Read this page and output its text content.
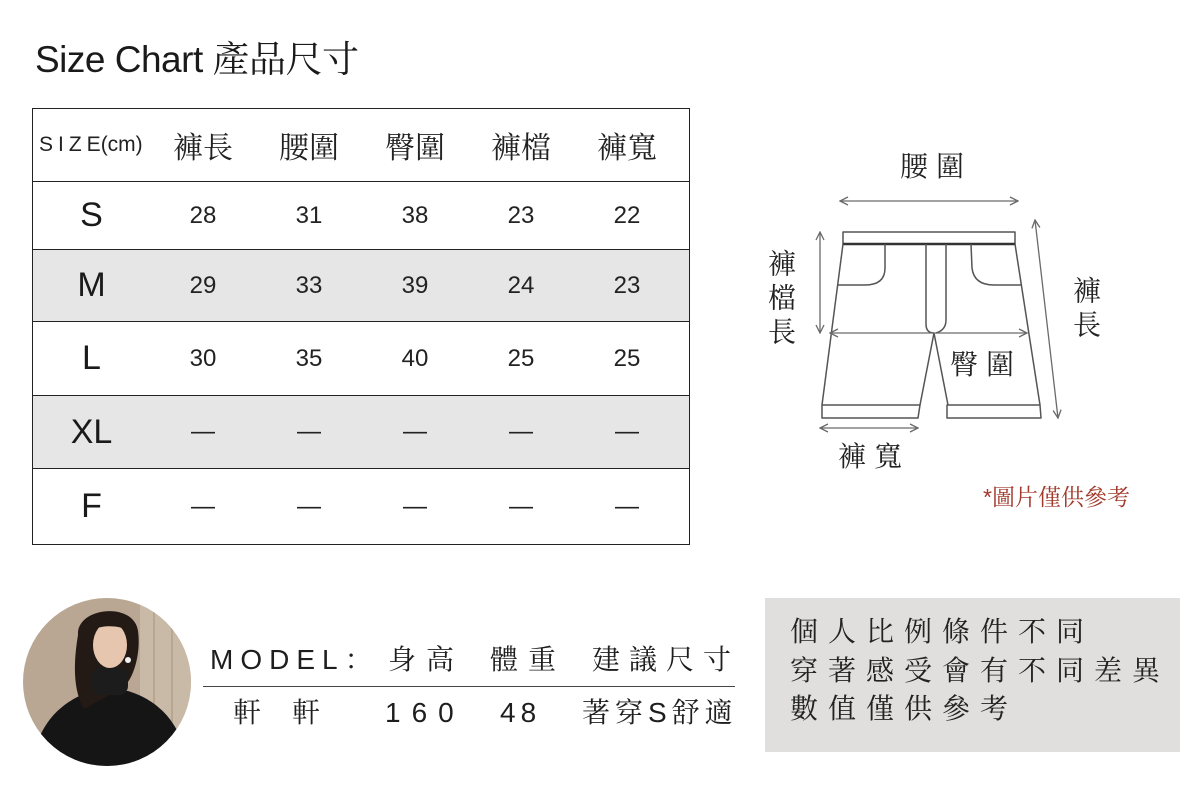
Size Chart 產品尺寸
SIZE(cm)	褲長	腰圍	臀圍	褲檔	褲寬
S	28	31	38	23	22
M	29	33	39	24	23
L	30	35	40	25	25
XL	—	—	—	—	—
F	—	—	—	—	—
腰圍
褲檔長	褲長
臀圍
褲寬
*圖片僅供參考
MODEL： 身高 體重 建議尺寸
軒軒 160 48 著穿S舒適
個人比例條件不同
穿著感受會有不同差異
數值僅供參考
